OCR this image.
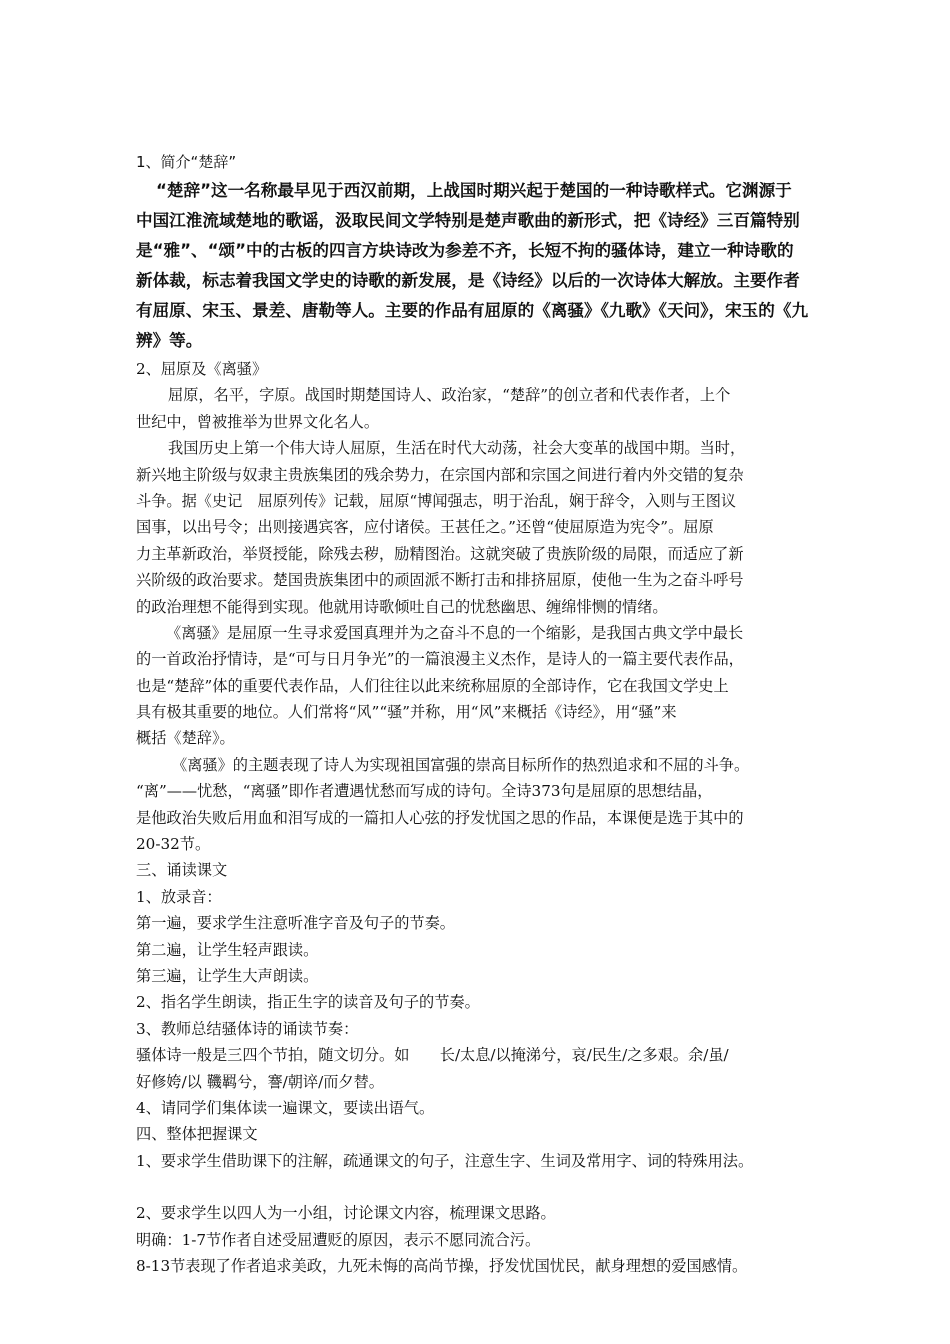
1、简介“楚辞”
“楚辞”这一名称最早见于西汉前期，上战国时期兴起于楚国的一种诗歌样式。它渊源于
中国江淮流域楚地的歌谣，汲取民间文学特别是楚声歌曲的新形式，把《诗经》三百篇特别
是“雅”、“颂”中的古板的四言方块诗改为参差不齐，长短不拘的骚体诗，建立一种诗歌的
新体裁，标志着我国文学史的诗歌的新发展，是《诗经》以后的一次诗体大解放。主要作者
有屈原、宋玉、景差、唐勒等人。主要的作品有屈原的《离骚》《九歌》《天问》，宋玉的《九
辨》等。
2、屈原及《离骚》
屈原，名平，字原。战国时期楚国诗人、政治家，“楚辞”的创立者和代表作者，上个
世纪中，曾被推举为世界文化名人。
我国历史上第一个伟大诗人屈原，生活在时代大动荡，社会大变革的战国中期。当时，
新兴地主阶级与奴隶主贵族集团的残余势力，在宗国内部和宗国之间进行着内外交错的复杂
斗争。据《史记　屈原列传》记载，屈原“博闻强志，明于治乱，娴于辞令，入则与王图议
国事，以出号令；出则接遇宾客，应付诸侯。王甚任之。”还曾“使屈原造为宪令”。屈原
力主革新政治，举贤授能，除残去秽，励精图治。这就突破了贵族阶级的局限，而适应了新
兴阶级的政治要求。楚国贵族集团中的顽固派不断打击和排挤屈原，使他一生为之奋斗呼号
的政治理想不能得到实现。他就用诗歌倾吐自己的忧愁幽思、缠绵悱恻的情绪。
《离骚》是屈原一生寻求爱国真理并为之奋斗不息的一个缩影，是我国古典文学中最长
的一首政治抒情诗，是“可与日月争光”的一篇浪漫主义杰作，是诗人的一篇主要代表作品，
也是“楚辞”体的重要代表作品，人们往往以此来统称屈原的全部诗作，它在我国文学史上
具有极其重要的地位。人们常将“风”“骚”并称，用“风”来概括《诗经》，用“骚”来
概括《楚辞》。
《离骚》的主题表现了诗人为实现祖国富强的崇高目标所作的热烈追求和不屈的斗争。
“离”——忧愁，“离骚”即作者遭遇忧愁而写成的诗句。全诗373句是屈原的思想结晶，
是他政治失败后用血和泪写成的一篇扣人心弦的抒发忧国之思的作品，本课便是选于其中的
20-32节。
三、诵读课文
1、放录音：
第一遍，要求学生注意听准字音及句子的节奏。
第二遍，让学生轻声跟读。
第三遍，让学生大声朗读。
2、指名学生朗读，指正生字的读音及句子的节奏。
3、教师总结骚体诗的诵读节奏：
骚体诗一般是三四个节拍，随文切分。如　　长/太息/以掩涕兮，哀/民生/之多艰。余/虽/
好修姱/以 鞿羁兮，謇/朝谇/而夕替。
4、请同学们集体读一遍课文，要读出语气。
四、整体把握课文
1、要求学生借助课下的注解，疏通课文的句子，注意生字、生词及常用字、词的特殊用法。
2、要求学生以四人为一小组，讨论课文内容，梳理课文思路。
明确：1-7节作者自述受屈遭贬的原因，表示不愿同流合污。
8-13节表现了作者追求美政，九死未悔的高尚节操，抒发忧国忧民，献身理想的爱国感情。
